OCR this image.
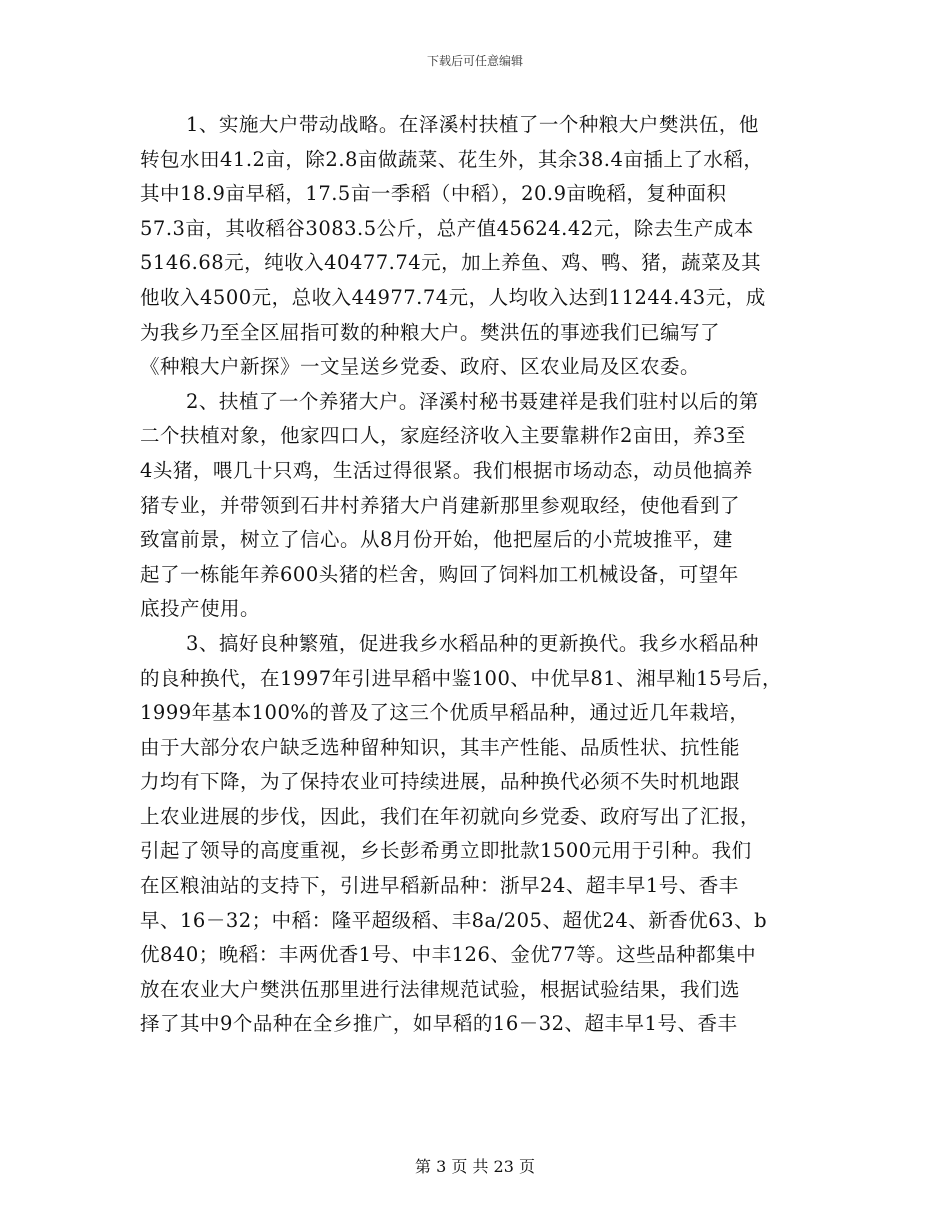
下载后可任意编辑
1、实施大户带动战略。在泽溪村扶植了一个种粮大户樊洪伍，他
转包水田41.2亩，除2.8亩做蔬菜、花生外，其余38.4亩插上了水稻，
其中18.9亩早稻，17.5亩一季稻（中稻），20.9亩晚稻，复种面积
57.3亩，其收稻谷3083.5公斤，总产值45624.42元，除去生产成本
5146.68元，纯收入40477.74元，加上养鱼、鸡、鸭、猪，蔬菜及其
他收入4500元，总收入44977.74元，人均收入达到11244.43元，成
为我乡乃至全区屈指可数的种粮大户。樊洪伍的事迹我们已编写了
《种粮大户新探》一文呈送乡党委、政府、区农业局及区农委。
2、扶植了一个养猪大户。泽溪村秘书聂建祥是我们驻村以后的第
二个扶植对象，他家四口人，家庭经济收入主要靠耕作2亩田，养3至
4头猪，喂几十只鸡，生活过得很紧。我们根据市场动态，动员他搞养
猪专业，并带领到石井村养猪大户肖建新那里参观取经，使他看到了
致富前景，树立了信心。从8月份开始，他把屋后的小荒坡推平，建
起了一栋能年养600头猪的栏舍，购回了饲料加工机械设备，可望年
底投产使用。
3、搞好良种繁殖，促进我乡水稻品种的更新换代。我乡水稻品种
的良种换代，在1997年引进早稻中鉴100、中优早81、湘早籼15号后，
1999年基本100%的普及了这三个优质早稻品种，通过近几年栽培，
由于大部分农户缺乏选种留种知识，其丰产性能、品质性状、抗性能
力均有下降，为了保持农业可持续进展，品种换代必须不失时机地跟
上农业进展的步伐，因此，我们在年初就向乡党委、政府写出了汇报，
引起了领导的高度重视，乡长彭希勇立即批款1500元用于引种。我们
在区粮油站的支持下，引进早稻新品种：浙早24、超丰早1号、香丰
早、16－32；中稻：隆平超级稻、丰8a/205、超优24、新香优63、b
优840；晚稻：丰两优香1号、中丰126、金优77等。这些品种都集中
放在农业大户樊洪伍那里进行法律规范试验，根据试验结果，我们选
择了其中9个品种在全乡推广，如早稻的16－32、超丰早1号、香丰
第 3 页 共 23 页
